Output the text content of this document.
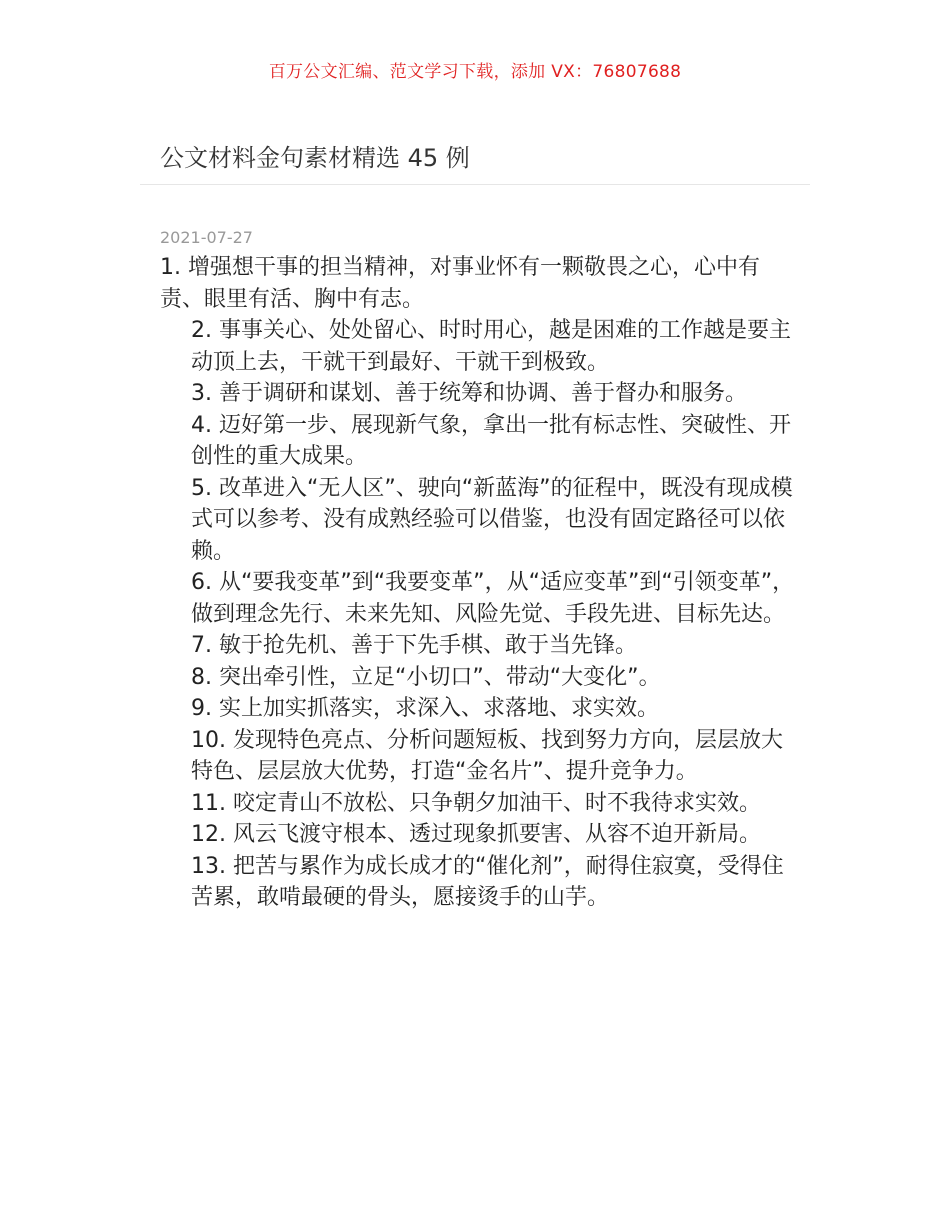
百万公文汇编、范文学习下载，添加 VX：76807688
公文材料金句素材精选 45 例
2021-07-27

1. 增强想干事的担当精神，对事业怀有一颗敬畏之心，心中有责、眼里有活、胸中有志。

2. 事事关心、处处留心、时时用心，越是困难的工作越是要主动顶上去，干就干到最好、干就干到极致。

3. 善于调研和谋划、善于统筹和协调、善于督办和服务。

4. 迈好第一步、展现新气象，拿出一批有标志性、突破性、开创性的重大成果。

5. 改革进入“无人区”、驶向“新蓝海”的征程中，既没有现成模式可以参考、没有成熟经验可以借鉴，也没有固定路径可以依赖。

6. 从“要我变革”到“我要变革”，从“适应变革”到“引领变革”，做到理念先行、未来先知、风险先觉、手段先进、目标先达。

7. 敏于抢先机、善于下先手棋、敢于当先锋。

8. 突出牵引性，立足“小切口”、带动“大变化”。

9. 实上加实抓落实，求深入、求落地、求实效。

10. 发现特色亮点、分析问题短板、找到努力方向，层层放大特色、层层放大优势，打造“金名片”、提升竞争力。

11. 咬定青山不放松、只争朝夕加油干、时不我待求实效。

12. 风云飞渡守根本、透过现象抓要害、从容不迫开新局。

13. 把苦与累作为成长成才的“催化剂”，耐得住寂寞，受得住苦累，敢啃最硬的骨头，愿接烫手的山芋。
